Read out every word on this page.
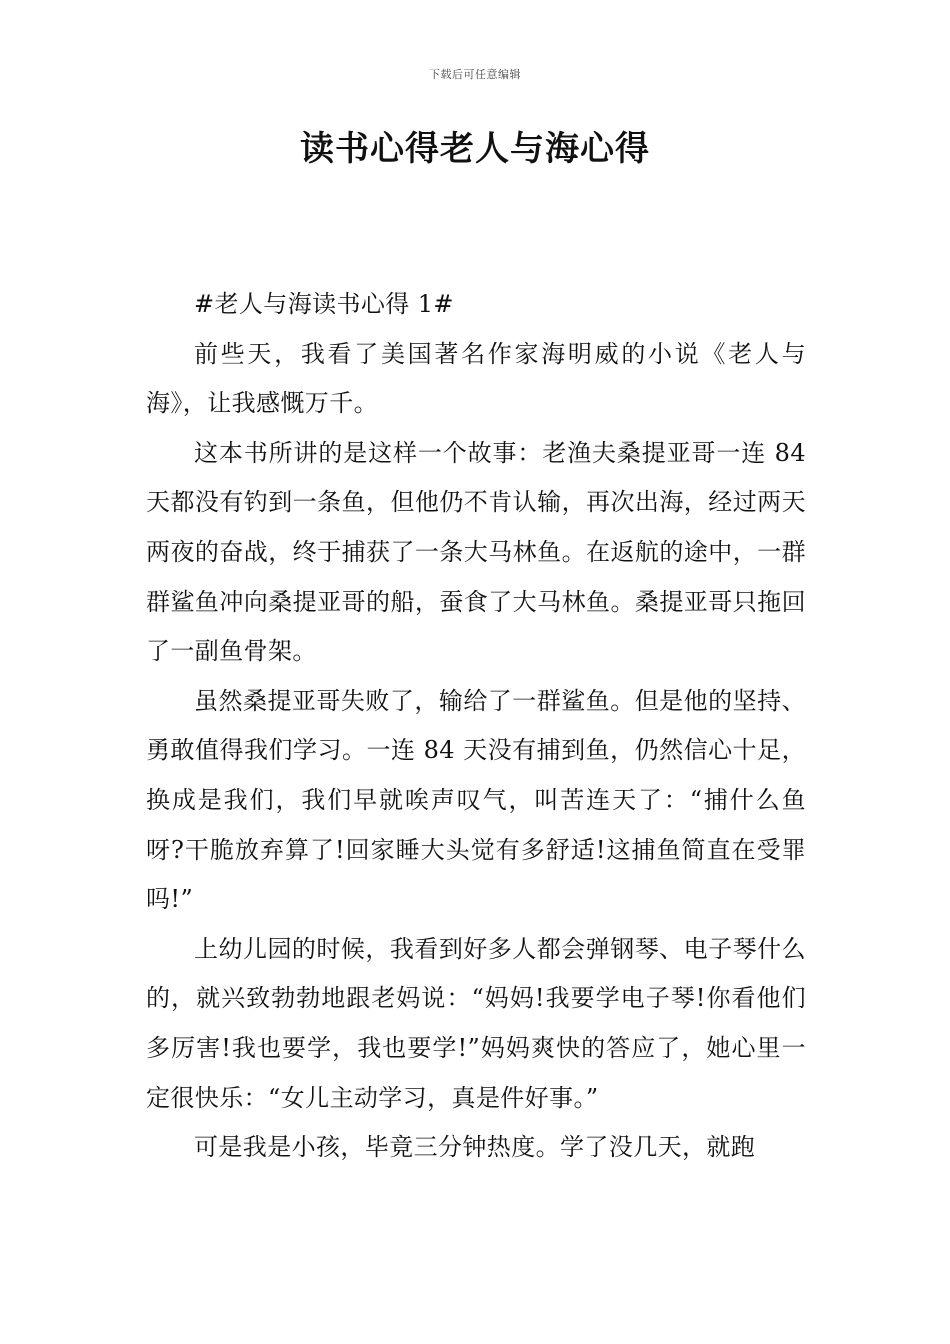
下载后可任意编辑
读书心得老人与海心得

#老人与海读书心得 1#

前些天，我看了美国著名作家海明威的小说《老人与海》，让我感慨万千。

这本书所讲的是这样一个故事：老渔夫桑提亚哥一连 84 天都没有钓到一条鱼，但他仍不肯认输，再次出海，经过两天两夜的奋战，终于捕获了一条大马林鱼。在返航的途中，一群群鲨鱼冲向桑提亚哥的船，蚕食了大马林鱼。桑提亚哥只拖回了一副鱼骨架。

虽然桑提亚哥失败了，输给了一群鲨鱼。但是他的坚持、勇敢值得我们学习。一连 84 天没有捕到鱼，仍然信心十足，换成是我们，我们早就唉声叹气，叫苦连天了：“捕什么鱼呀?干脆放弃算了!回家睡大头觉有多舒适!这捕鱼简直在受罪吗!”

上幼儿园的时候，我看到好多人都会弹钢琴、电子琴什么的，就兴致勃勃地跟老妈说：“妈妈!我要学电子琴!你看他们多厉害!我也要学，我也要学!”妈妈爽快的答应了，她心里一定很快乐：“女儿主动学习，真是件好事。”

可是我是小孩，毕竟三分钟热度。学了没几天，就跑
